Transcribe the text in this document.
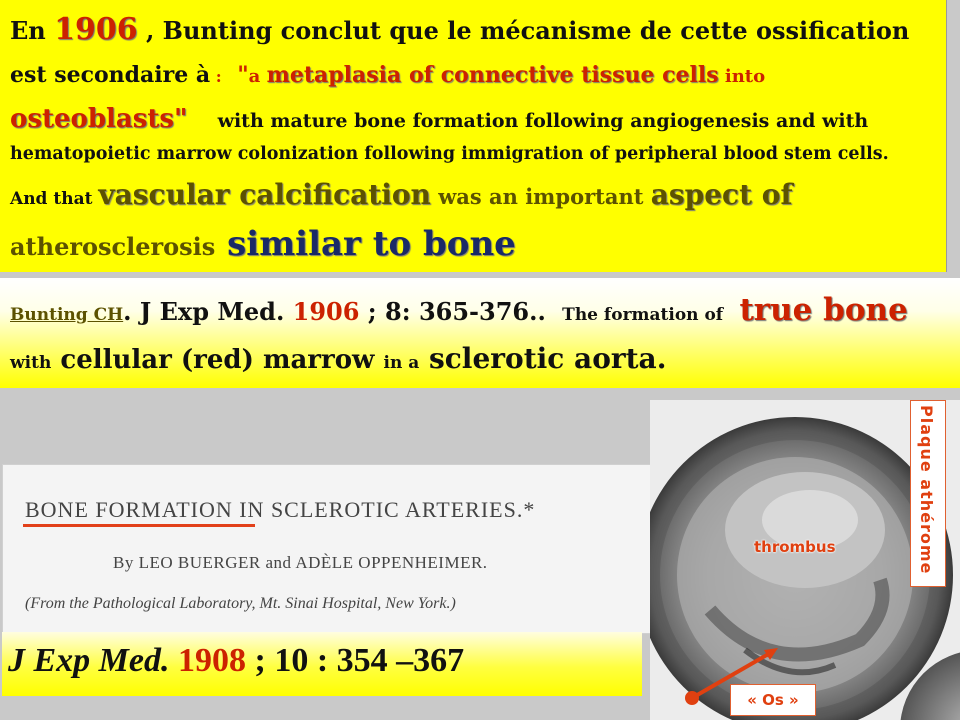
En 1906 , Bunting conclut que le mécanisme de cette ossification

est secondaire à : "a metaplasia of connective tissue cells into

osteoblasts" with mature bone formation following angiogenesis and with

hematopoietic marrow colonization following immigration of peripheral blood stem cells.

And that vascular calcification was an important aspect of

atherosclerosis similar to bone

Bunting CH. J Exp Med. 1906 ; 8: 365-376.. The formation of true bone

with cellular (red) marrow in a sclerotic aorta.

BONE FORMATION IN SCLEROTIC ARTERIES.*
By LEO BUERGER and ADÈLE OPPENHEIMER.
(From the Pathological Laboratory, Mt. Sinai Hospital, New York.)
J Exp Med. 1908 ; 10 : 354 –367
Plaque athérome
thrombus
« Os »
